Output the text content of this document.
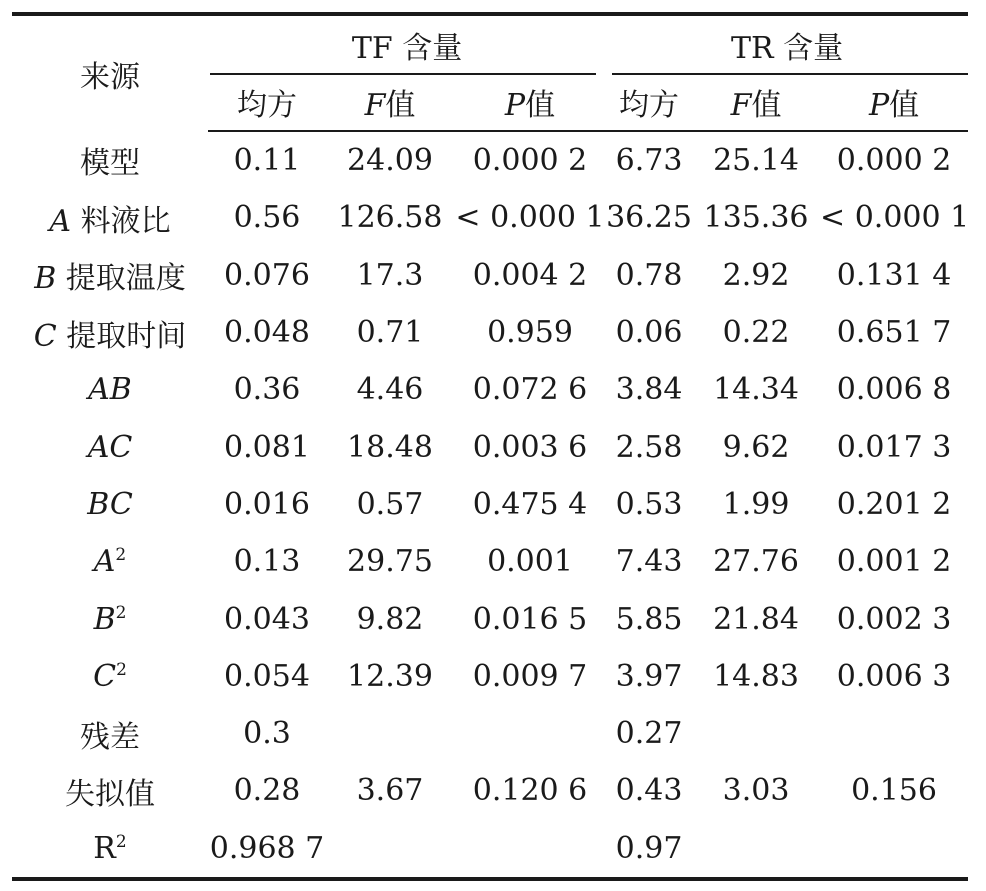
来源	TF 含量			TR 含量		

	均方	F值	P值	均方	F值	P值
模型	0.11	24.09	0.000 2	6.73	25.14	0.000 2
A 料液比	0.56	126.58	< 0.000 1	36.25	135.36	< 0.000 1
B 提取温度	0.076	17.3	0.004 2	0.78	2.92	0.131 4
C 提取时间	0.048	0.71	0.959	0.06	0.22	0.651 7
AB	0.36	4.46	0.072 6	3.84	14.34	0.006 8
AC	0.081	18.48	0.003 6	2.58	9.62	0.017 3
BC	0.016	0.57	0.475 4	0.53	1.99	0.201 2
$A^2$	0.13	29.75	0.001	7.43	27.76	0.001 2
$B^2$	0.043	9.82	0.016 5	5.85	21.84	0.002 3
$C^2$	0.054	12.39	0.009 7	3.97	14.83	0.006 3
残差	0.3			0.27		
失拟值	0.28	3.67	0.120 6	0.43	3.03	0.156
$R^2$	0.968 7			0.97		
